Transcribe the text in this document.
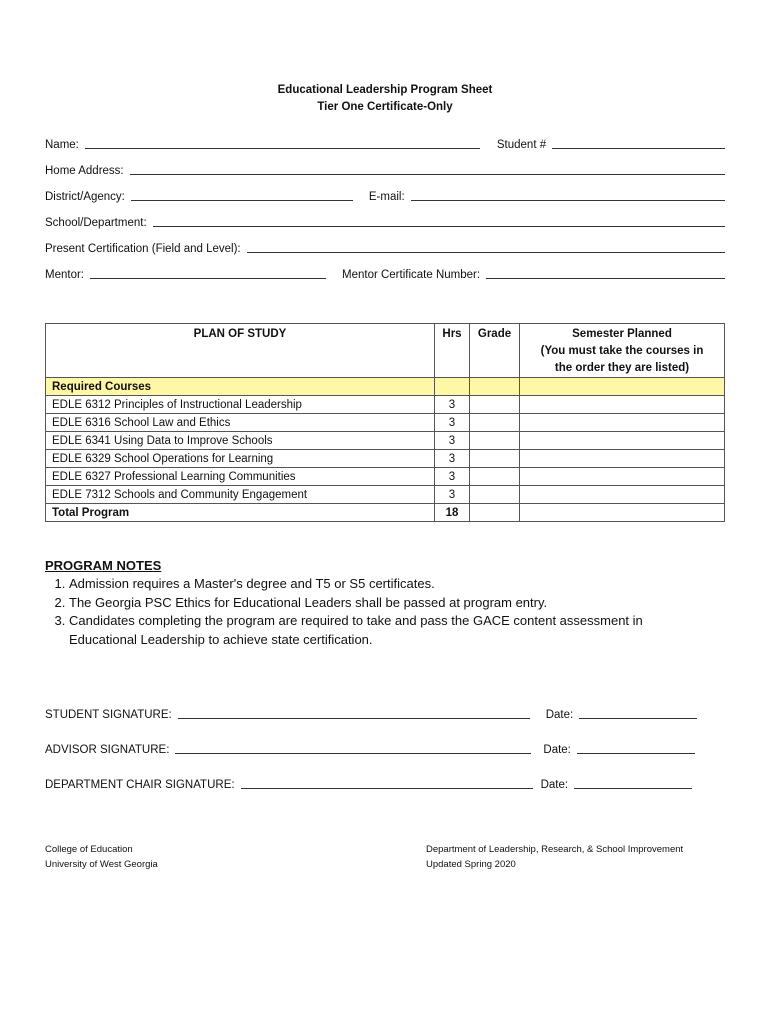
Educational Leadership Program Sheet
Tier One Certificate-Only
Name:	Student #
Home Address:
District/Agency:	E-mail:
School/Department:
Present Certification (Field and Level):
Mentor:	Mentor Certificate Number:
PLAN OF STUDY	Hrs	Grade	Semester Planned
(You must take the courses in
the order they are listed)

Required Courses			
EDLE 6312 Principles of Instructional Leadership	3		
EDLE 6316 School Law and Ethics	3		
EDLE 6341 Using Data to Improve Schools	3		
EDLE 6329 School Operations for Learning	3		
EDLE 6327 Professional Learning Communities	3		
EDLE 7312 Schools and Community Engagement	3		
Total Program	18		
PROGRAM NOTES
1. Admission requires a Master's degree and T5 or S5 certificates.
2. The Georgia PSC Ethics for Educational Leaders shall be passed at program entry.
3. Candidates completing the program are required to take and pass the GACE content assessment in Educational Leadership to achieve state certification.
STUDENT SIGNATURE:	Date:
ADVISOR SIGNATURE:	Date:
DEPARTMENT CHAIR SIGNATURE:	Date:
College of Education
University of West Georgia
Department of Leadership, Research, & School Improvement
Updated Spring 2020
